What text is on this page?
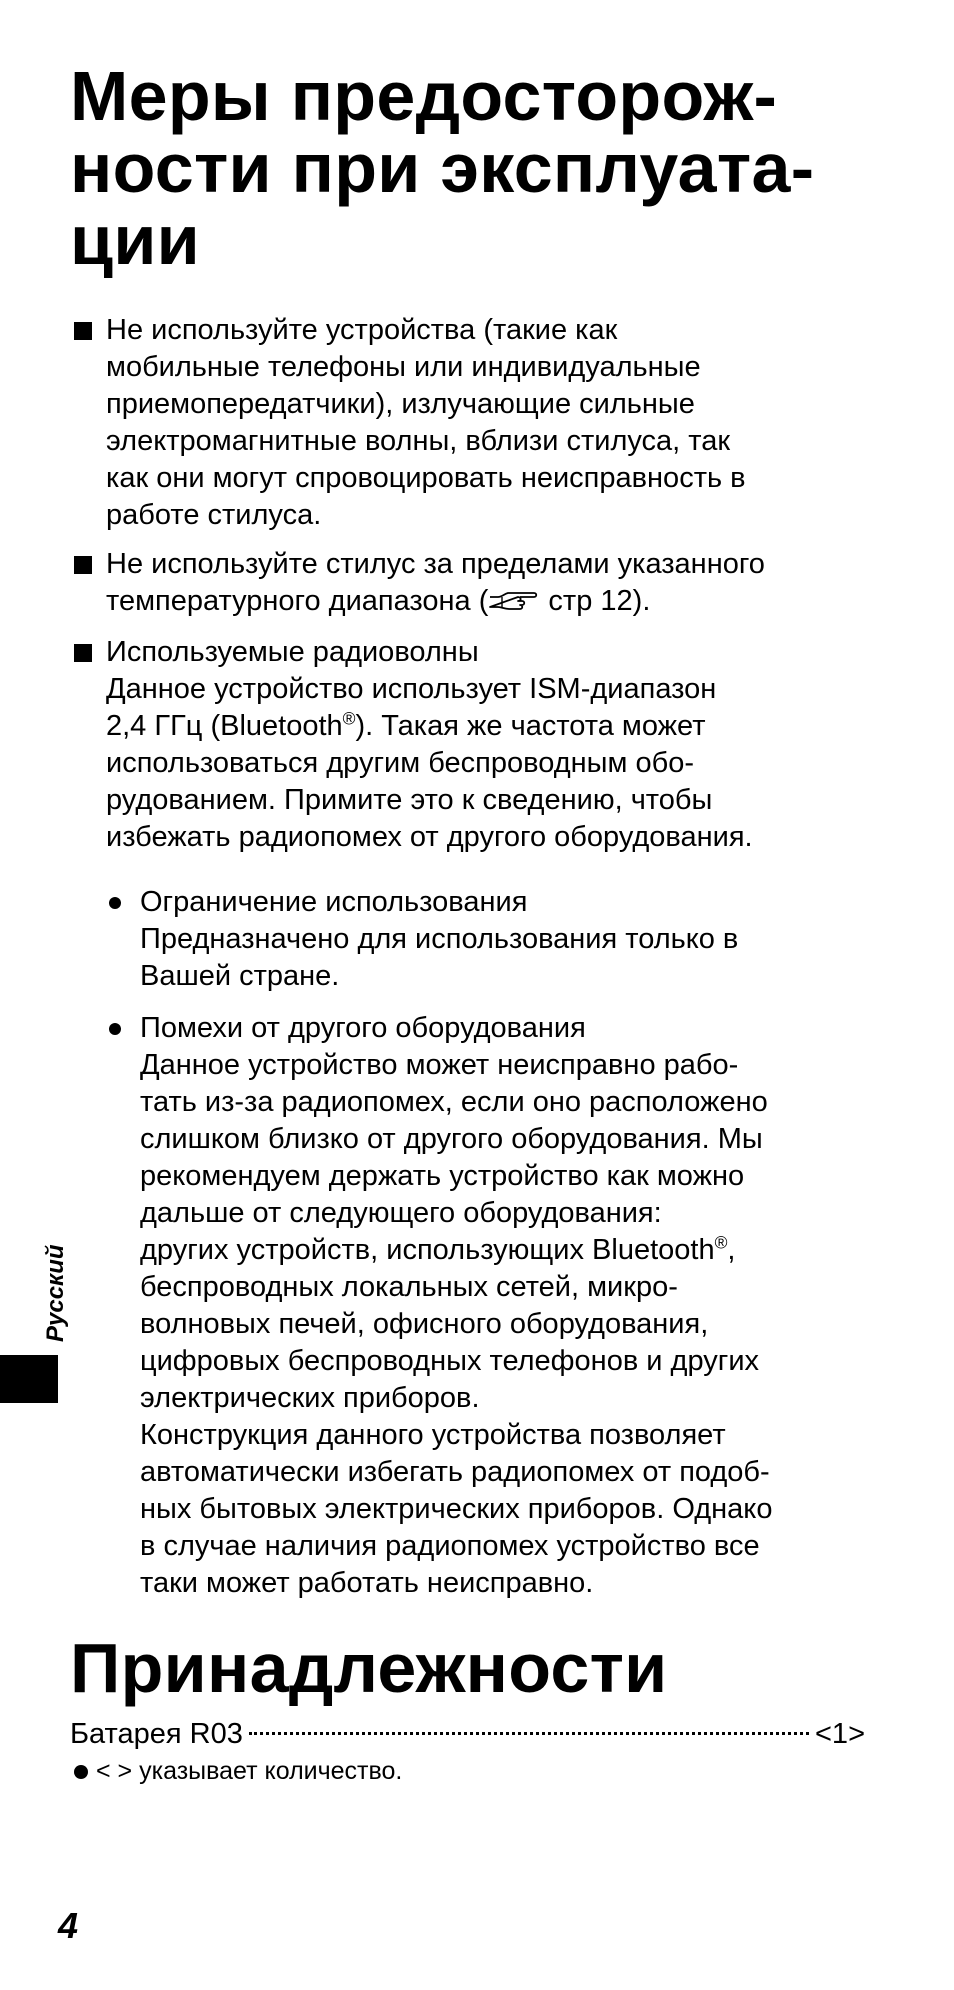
Меры предосторож-
ности при эксплуата-
ции
Не используйте устройства (такие как
мобильные телефоны или индивидуальные
приемопередатчики), излучающие сильные
электромагнитные волны, вблизи стилуса, так
как они могут спровоцировать неисправность в
работе стилуса.
Не используйте стилус за пределами указанного
температурного диапазона ( стр 12).
Используемые радиоволны
Данное устройство использует ISM-диапазон
2,4 ГГц (Bluetooth®). Такая же частота может
использоваться другим беспроводным обо-
рудованием. Примите это к сведению, чтобы
избежать радиопомех от другого оборудования.
Ограничение использования
Предназначено для использования только в
Вашей стране.
Помехи от другого оборудования
Данное устройство может неисправно рабо-
тать из-за радиопомех, если оно расположено
слишком близко от другого оборудования. Мы
рекомендуем держать устройство как можно
дальше от следующего оборудования:
других устройств, использующих Bluetooth®,
беспроводных локальных сетей, микро-
волновых печей, офисного оборудования,
цифровых беспроводных телефонов и других
электрических приборов.
Конструкция данного устройства позволяет
автоматически избегать радиопомех от подоб-
ных бытовых электрических приборов. Однако
в случае наличия радиопомех устройство все
таки может работать неисправно.
Принадлежности
Батарея R03	<1>
< > указывает количество.
Русский
4
